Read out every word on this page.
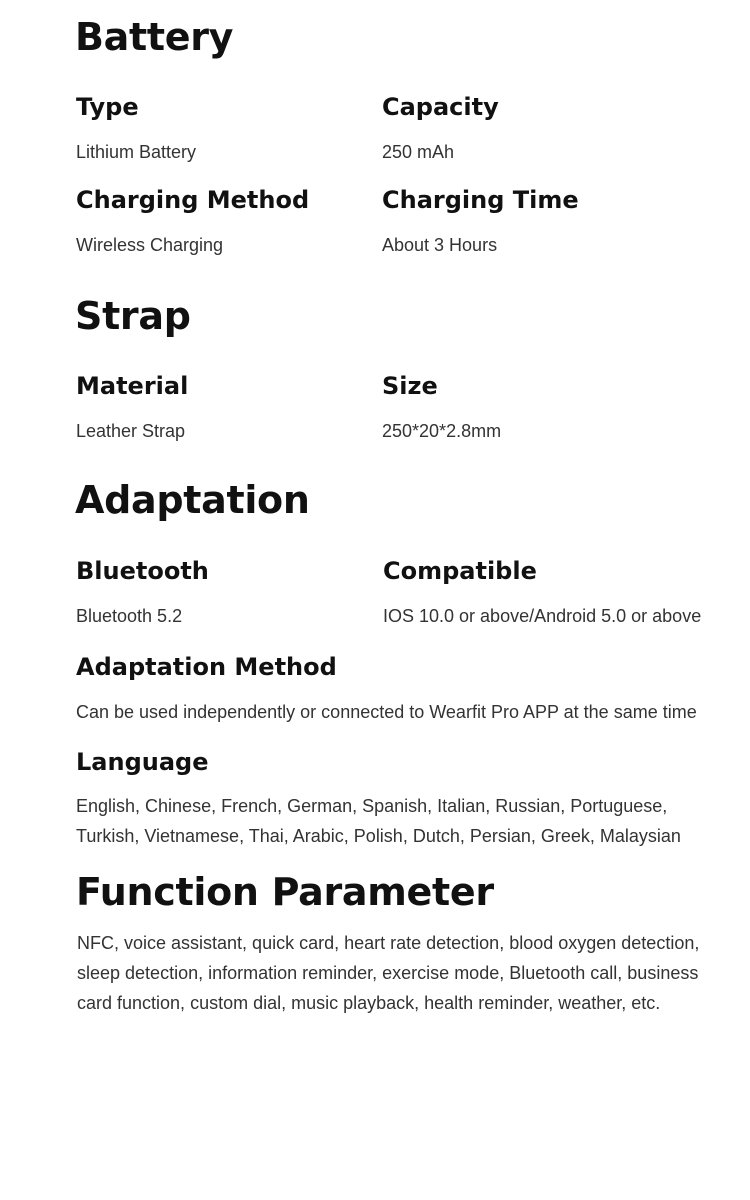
Battery
Type
Lithium Battery
Capacity
250 mAh
Charging Method
Wireless Charging
Charging Time
About 3 Hours
Strap
Material
Leather Strap
Size
250*20*2.8mm
Adaptation
Bluetooth
Bluetooth 5.2
Compatible
IOS 10.0 or above/Android 5.0 or above
Adaptation Method
Can be used independently or connected to Wearfit Pro APP at the same time
Language
English, Chinese, French, German, Spanish, Italian, Russian, Portuguese,
Turkish, Vietnamese, Thai, Arabic, Polish, Dutch, Persian, Greek, Malaysian
Function Parameter
NFC, voice assistant, quick card, heart rate detection, blood oxygen detection,
sleep detection, information reminder, exercise mode, Bluetooth call, business
card function, custom dial, music playback, health reminder, weather, etc.
